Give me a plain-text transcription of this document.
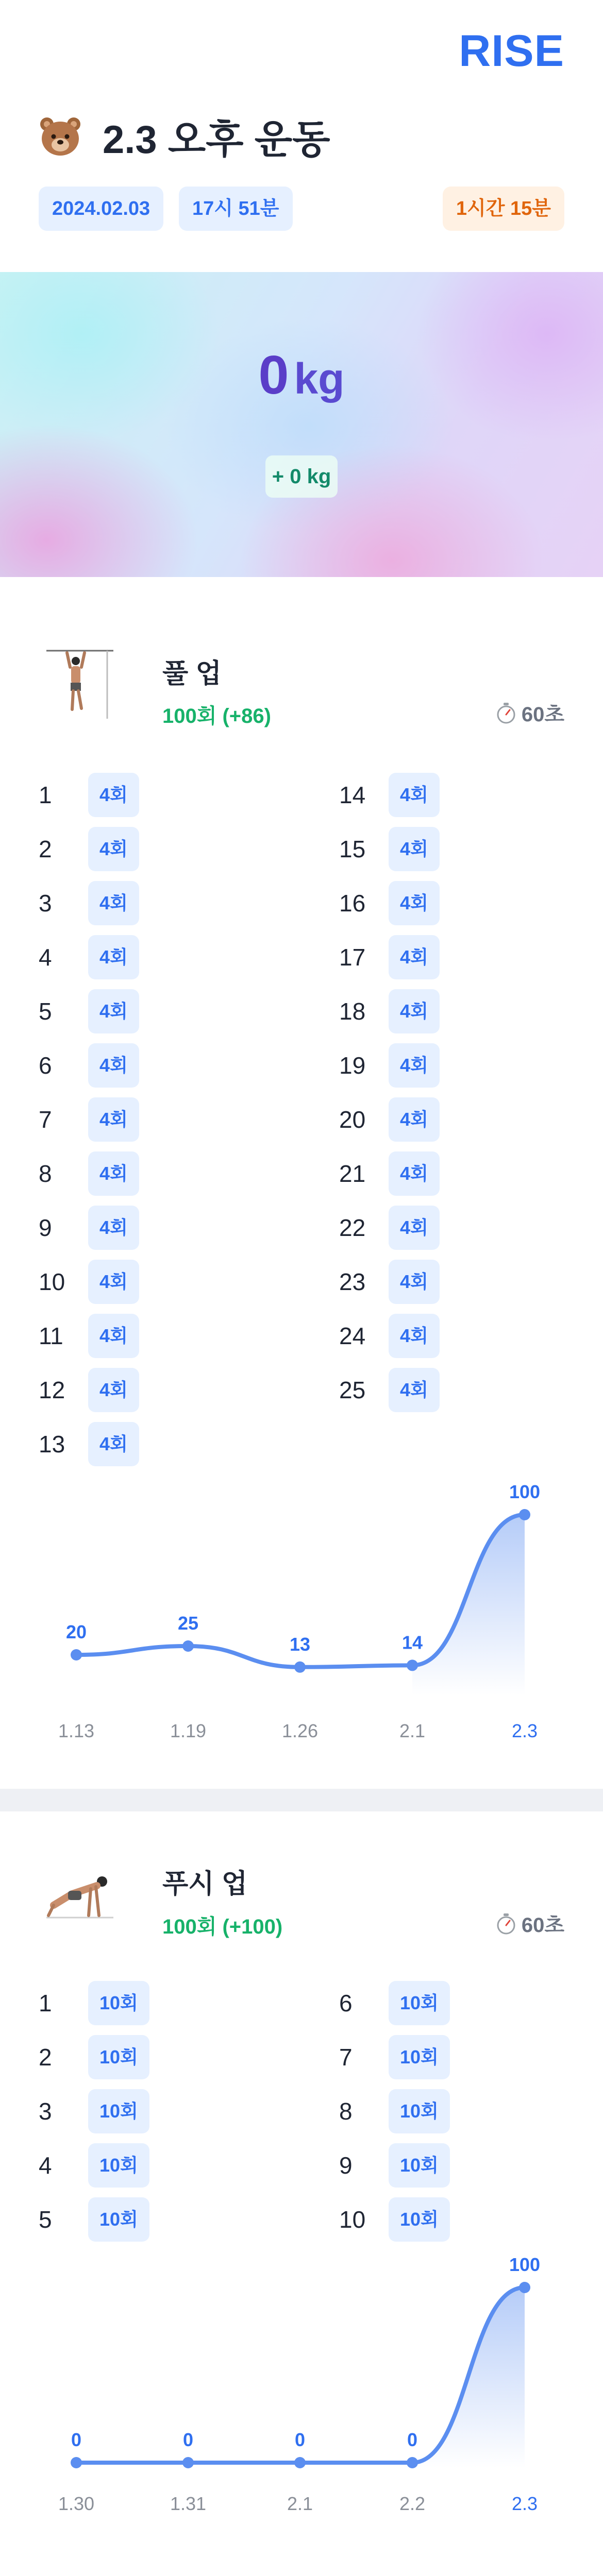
RISE
2.3 오후 운동
2024.02.03	17시 51분	1시간 15분
0 kg
+ 0 kg
풀 업
100회 (+86)	60초
1	4회
2	4회
3	4회
4	4회
5	4회
6	4회
7	4회
8	4회
9	4회
10	4회
11	4회
12	4회
13	4회
14	4회
15	4회
16	4회
17	4회
18	4회
19	4회
20	4회
21	4회
22	4회
23	4회
24	4회
25	4회
20
1.13
25
1.19
13
1.26
14
2.1
100
2.3
푸시 업
100회 (+100)	60초
1	10회
2	10회
3	10회
4	10회
5	10회
6	10회
7	10회
8	10회
9	10회
10	10회
0
1.30
0
1.31
0
2.1
0
2.2
100
2.3
